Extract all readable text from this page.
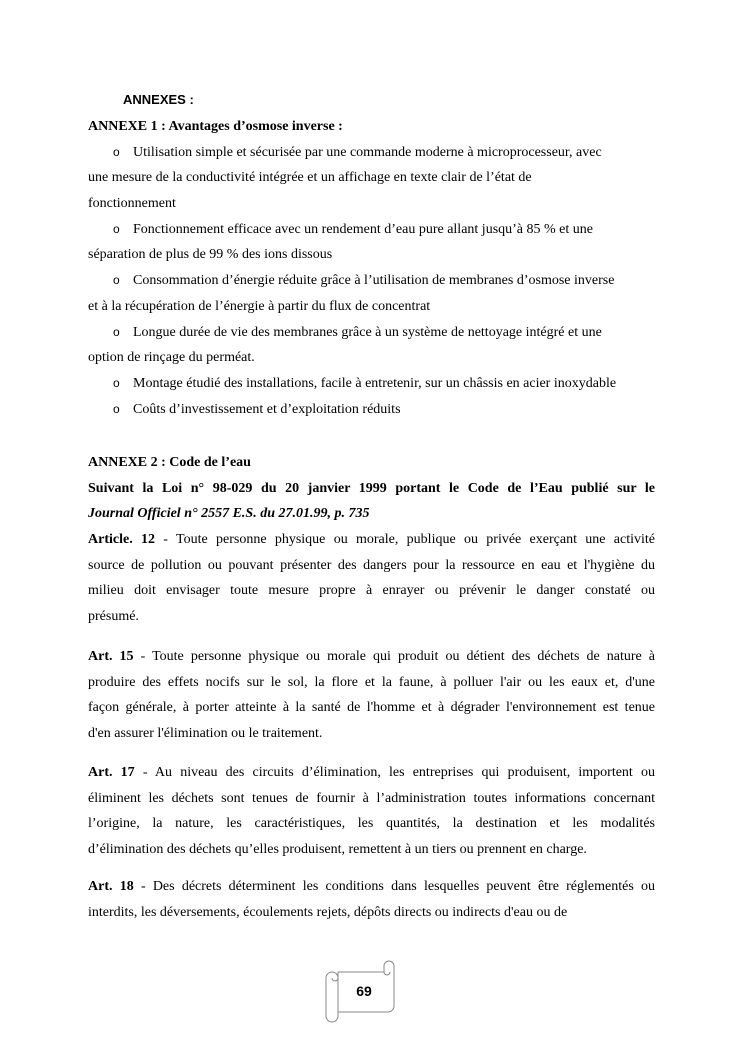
ANNEXES :
ANNEXE 1 : Avantages d’osmose inverse :
o Utilisation simple et sécurisée par une commande moderne à microprocesseur, avec
une mesure de la conductivité intégrée et un affichage en texte clair de l’état de
fonctionnement
o Fonctionnement efficace avec un rendement d’eau pure allant jusqu’à 85 % et une
séparation de plus de 99 % des ions dissous
o Consommation d’énergie réduite grâce à l’utilisation de membranes d’osmose inverse
et à la récupération de l’énergie à partir du flux de concentrat
o Longue durée de vie des membranes grâce à un système de nettoyage intégré et une
option de rinçage du perméat.
o Montage étudié des installations, facile à entretenir, sur un châssis en acier inoxydable
o Coûts d’investissement et d’exploitation réduits
ANNEXE 2 : Code de l’eau
Suivant la Loi n° 98-029 du 20 janvier 1999 portant le Code de l’Eau publié sur le
Journal Officiel n° 2557 E.S. du 27.01.99, p. 735
Article. 12 - Toute personne physique ou morale, publique ou privée exerçant une activité
source de pollution ou pouvant présenter des dangers pour la ressource en eau et l'hygiène du
milieu doit envisager toute mesure propre à enrayer ou prévenir le danger constaté ou
présumé.
Art. 15 - Toute personne physique ou morale qui produit ou détient des déchets de nature à
produire des effets nocifs sur le sol, la flore et la faune, à polluer l'air ou les eaux et, d'une
façon générale, à porter atteinte à la santé de l'homme et à dégrader l'environnement est tenue
d'en assurer l'élimination ou le traitement.
Art. 17 - Au niveau des circuits d’élimination, les entreprises qui produisent, importent ou
éliminent les déchets sont tenues de fournir à l’administration toutes informations concernant
l’origine, la nature, les caractéristiques, les quantités, la destination et les modalités
d’élimination des déchets qu’elles produisent, remettent à un tiers ou prennent en charge.
Art. 18 - Des décrets déterminent les conditions dans lesquelles peuvent être réglementés ou
interdits, les déversements, écoulements rejets, dépôts directs ou indirects d'eau ou de
69
